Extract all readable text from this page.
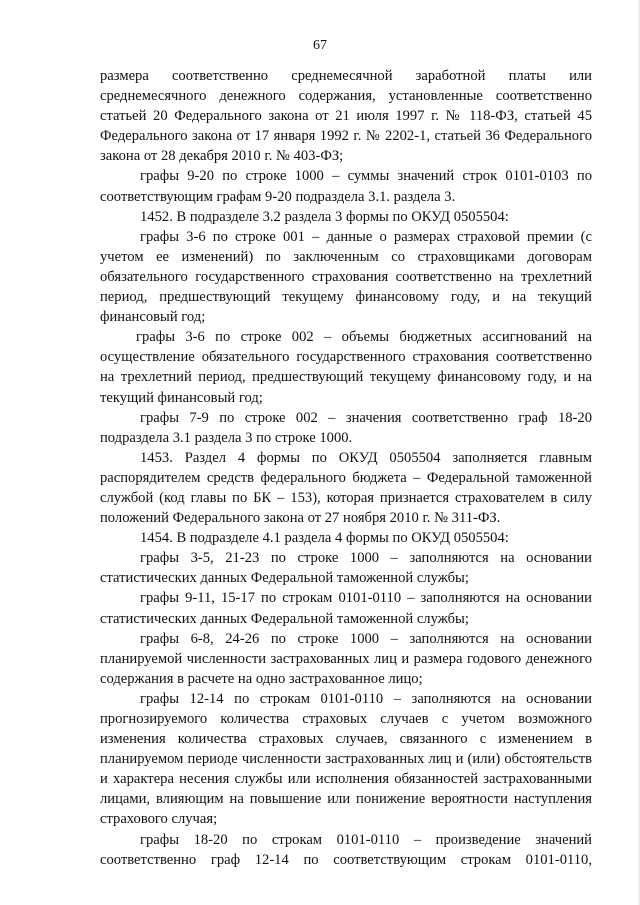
67

размера соответственно среднемесячной заработной платы или среднемесячного денежного содержания, установленные соответственно статьей 20 Федерального закона от 21 июля 1997 г. № 118-ФЗ, статьей 45 Федерального закона от 17 января 1992 г. № 2202-1, статьей 36 Федерального закона от 28 декабря 2010 г. № 403-ФЗ;

графы 9-20 по строке 1000 – суммы значений строк 0101-0103 по соответствующим графам 9-20 подраздела 3.1. раздела 3.

1452. В подразделе 3.2 раздела 3 формы по ОКУД 0505504:

графы 3-6 по строке 001 – данные о размерах страховой премии (с учетом ее изменений) по заключенным со страховщиками договорам обязательного государственного страхования соответственно на трехлетний период, предшествующий текущему финансовому году, и на текущий финансовый год;

графы 3-6 по строке 002 – объемы бюджетных ассигнований на осуществление обязательного государственного страхования соответственно на трехлетний период, предшествующий текущему финансовому году, и на текущий финансовый год;

графы 7-9 по строке 002 – значения соответственно граф 18-20 подраздела 3.1 раздела 3 по строке 1000.

1453. Раздел 4 формы по ОКУД 0505504 заполняется главным распорядителем средств федерального бюджета – Федеральной таможенной службой (код главы по БК – 153), которая признается страхователем в силу положений Федерального закона от 27 ноября 2010 г. № 311-ФЗ.

1454. В подразделе 4.1 раздела 4 формы по ОКУД 0505504:

графы 3-5, 21-23 по строке 1000 – заполняются на основании статистических данных Федеральной таможенной службы;

графы 9-11, 15-17 по строкам 0101-0110 – заполняются на основании статистических данных Федеральной таможенной службы;

графы 6-8, 24-26 по строке 1000 – заполняются на основании планируемой численности застрахованных лиц и размера годового денежного содержания в расчете на одно застрахованное лицо;

графы 12-14 по строкам 0101-0110 – заполняются на основании прогнозируемого количества страховых случаев с учетом возможного изменения количества страховых случаев, связанного с изменением в планируемом периоде численности застрахованных лиц и (или) обстоятельств и характера несения службы или исполнения обязанностей застрахованными лицами, влияющим на повышение или понижение вероятности наступления страхового случая;

графы 18-20 по строкам 0101-0110 – произведение значений соответственно граф 12-14 по соответствующим строкам 0101-0110,
